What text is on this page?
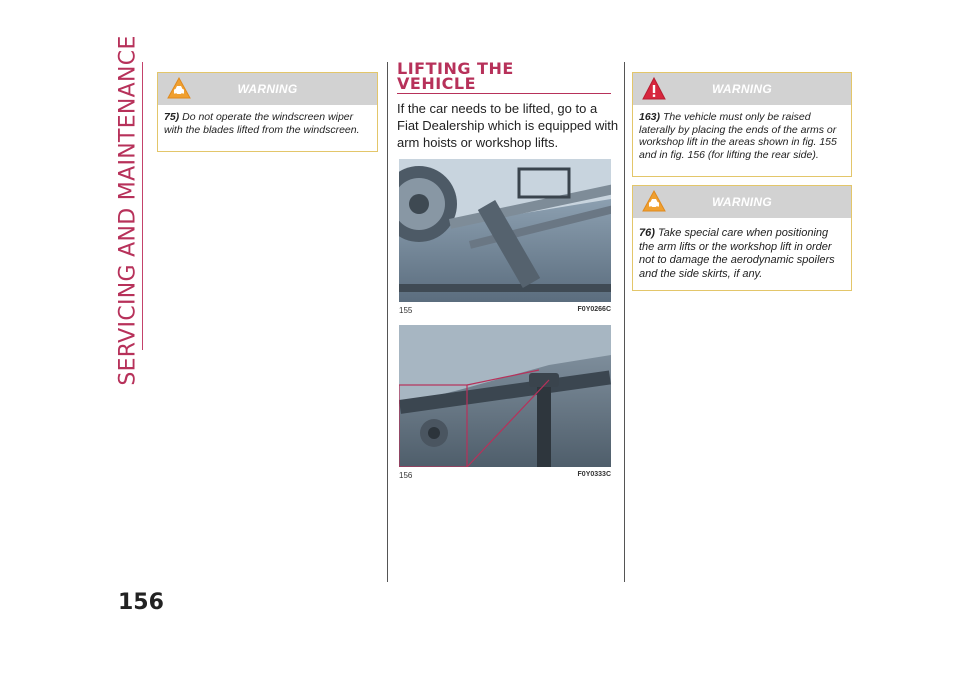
SERVICING AND MAINTENANCE
156
WARNING
75) Do not operate the windscreen wiper with the blades lifted from the windscreen.
LIFTING THE
VEHICLE
If the car needs to be lifted, go to a Fiat Dealership which is equipped with arm hoists or workshop lifts.
155	F0Y0266C
156	F0Y0333C
WARNING
163) The vehicle must only be raised laterally by placing the ends of the arms or workshop lift in the areas shown in fig. 155 and in fig. 156 (for lifting the rear side).
WARNING
76) Take special care when positioning the arm lifts or the workshop lift in order not to damage the aerodynamic spoilers and the side skirts, if any.
